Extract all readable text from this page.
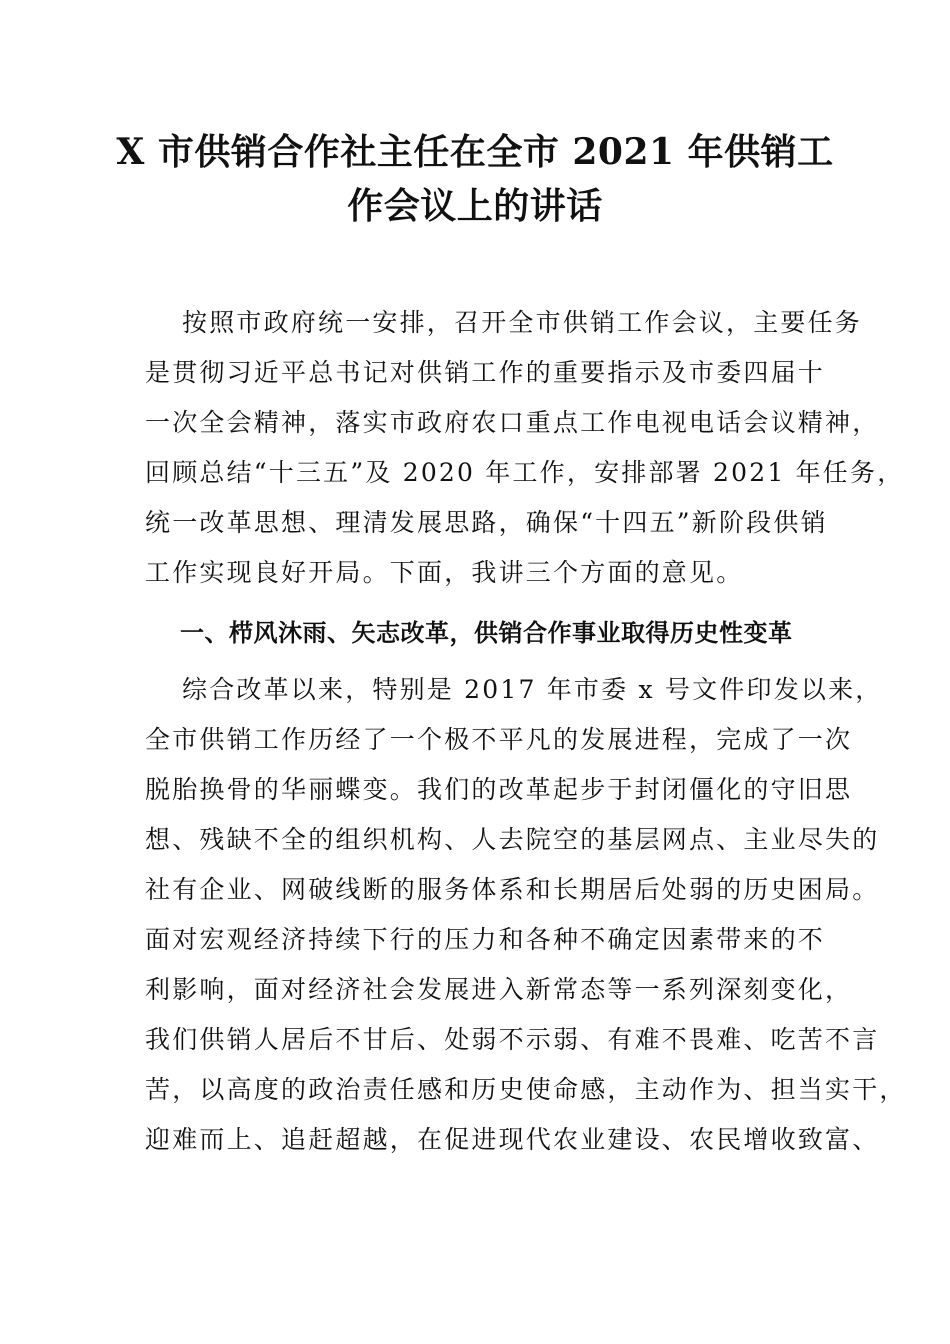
X 市供销合作社主任在全市 2021 年供销工
作会议上的讲话
按照市政府统一安排，召开全市供销工作会议，主要任务
是贯彻习近平总书记对供销工作的重要指示及市委四届十
一次全会精神，落实市政府农口重点工作电视电话会议精神，
回顾总结“十三五”及 2020 年工作，安排部署 2021 年任务，
统一改革思想、理清发展思路，确保“十四五”新阶段供销
工作实现良好开局。下面，我讲三个方面的意见。
一、栉风沐雨、矢志改革，供销合作事业取得历史性变革
综合改革以来，特别是 2017 年市委 x 号文件印发以来，
全市供销工作历经了一个极不平凡的发展进程，完成了一次
脱胎换骨的华丽蝶变。我们的改革起步于封闭僵化的守旧思
想、残缺不全的组织机构、人去院空的基层网点、主业尽失的
社有企业、网破线断的服务体系和长期居后处弱的历史困局。
面对宏观经济持续下行的压力和各种不确定因素带来的不
利影响，面对经济社会发展进入新常态等一系列深刻变化，
我们供销人居后不甘后、处弱不示弱、有难不畏难、吃苦不言
苦，以高度的政治责任感和历史使命感，主动作为、担当实干，
迎难而上、追赶超越，在促进现代农业建设、农民增收致富、
